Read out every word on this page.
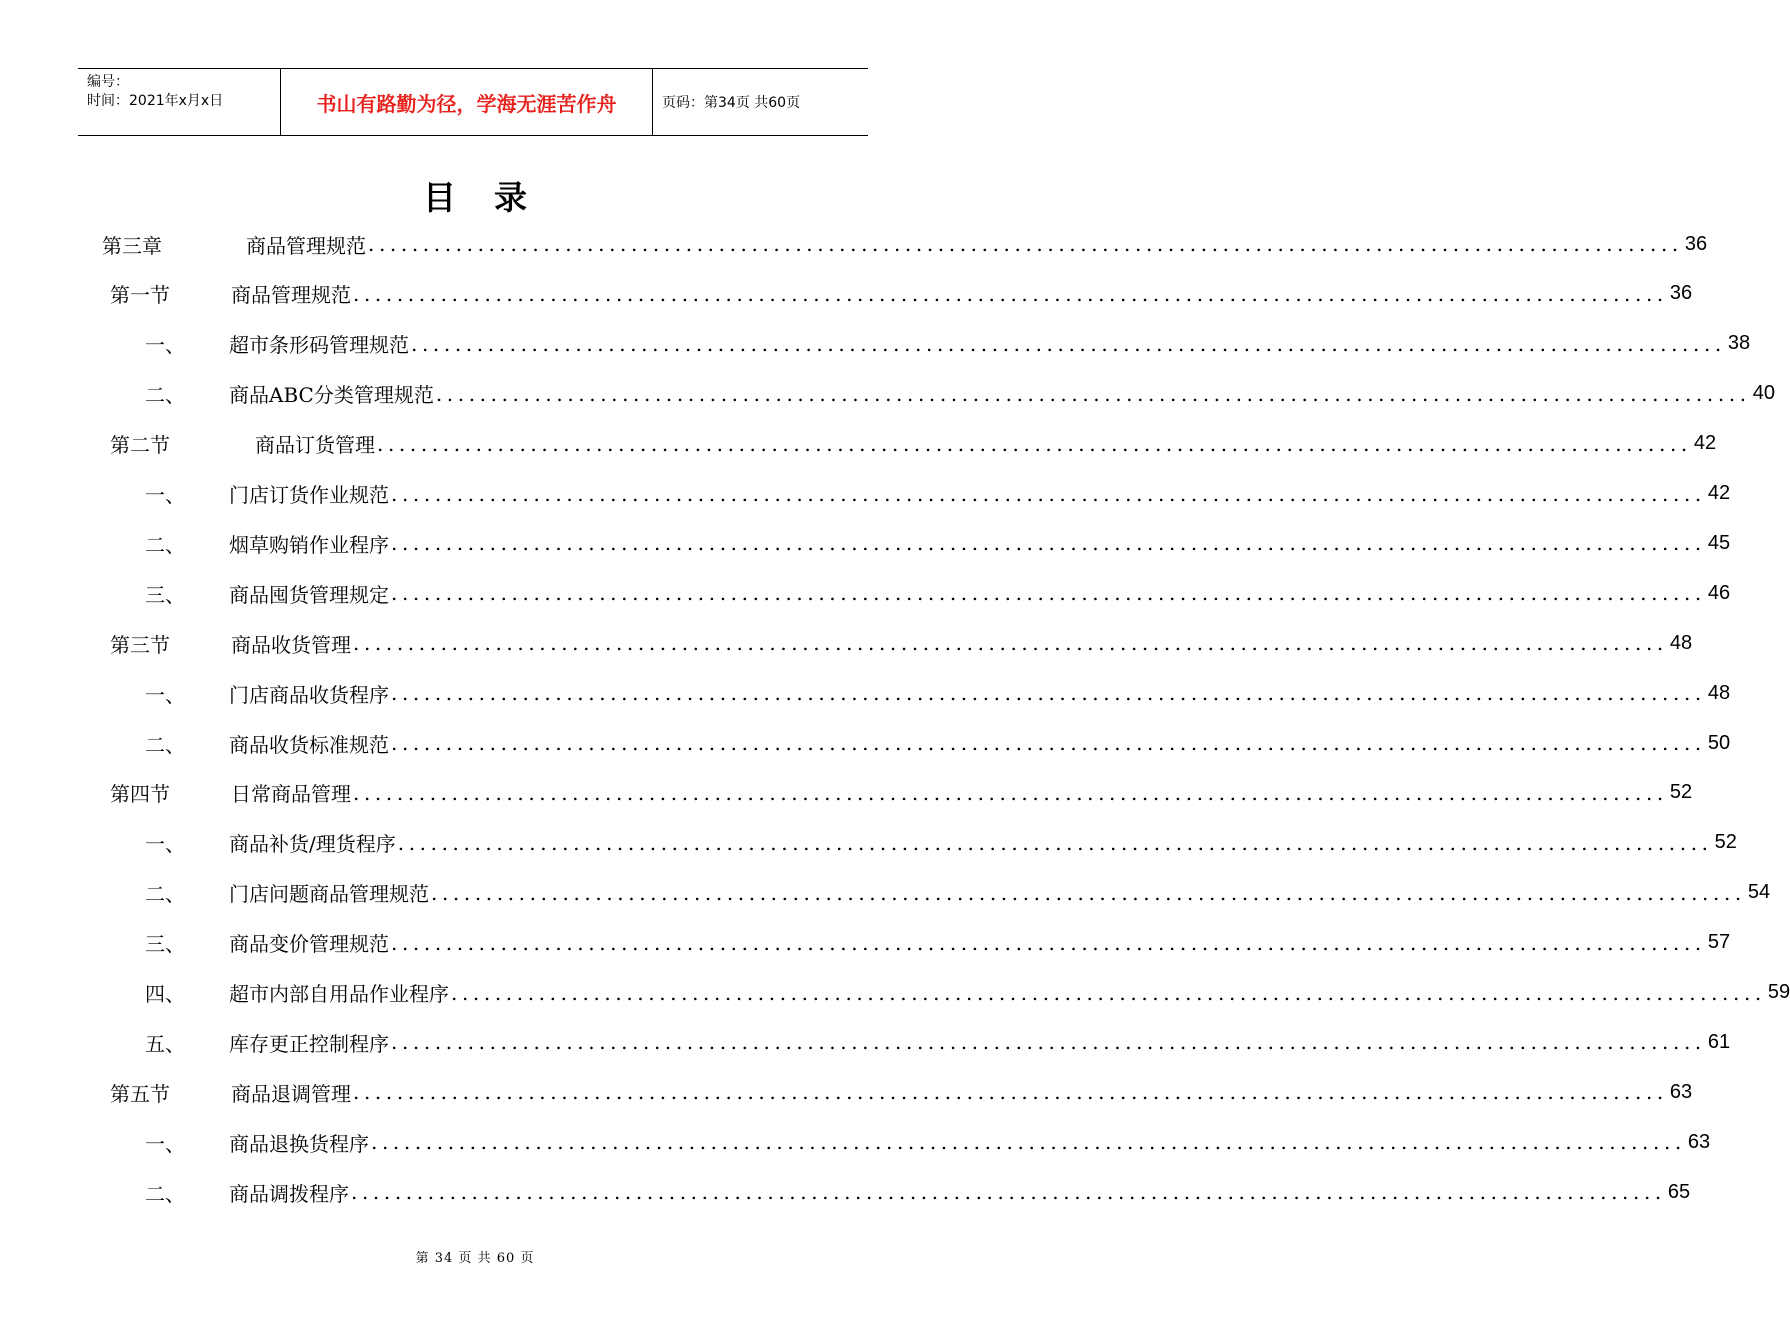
编号：
时间：2021年x月x日	书山有路勤为径，学海无涯苦作舟	页码：第34页 共60页
目录
第三章	商品管理规范 ........................................................................................................................ 36
第一节	商品管理规范 ........................................................................................................................ 36
一、	超市条形码管理规范 ........................................................................................................................ 38
二、	商品ABC分类管理规范 ........................................................................................................................ 40
第二节	商品订货管理 ........................................................................................................................ 42
一、	门店订货作业规范 ........................................................................................................................ 42
二、	烟草购销作业程序 ........................................................................................................................ 45
三、	商品囤货管理规定 ........................................................................................................................ 46
第三节	商品收货管理 ........................................................................................................................ 48
一、	门店商品收货程序 ........................................................................................................................ 48
二、	商品收货标准规范 ........................................................................................................................ 50
第四节	日常商品管理 ........................................................................................................................ 52
一、	商品补货/理货程序 ........................................................................................................................ 52
二、	门店问题商品管理规范 ........................................................................................................................ 54
三、	商品变价管理规范 ........................................................................................................................ 57
四、	超市内部自用品作业程序 ........................................................................................................................ 59
五、	库存更正控制程序 ........................................................................................................................ 61
第五节	商品退调管理 ........................................................................................................................ 63
一、	商品退换货程序 ........................................................................................................................ 63
二、	商品调拨程序 ........................................................................................................................ 65
第 34 页 共 60 页
